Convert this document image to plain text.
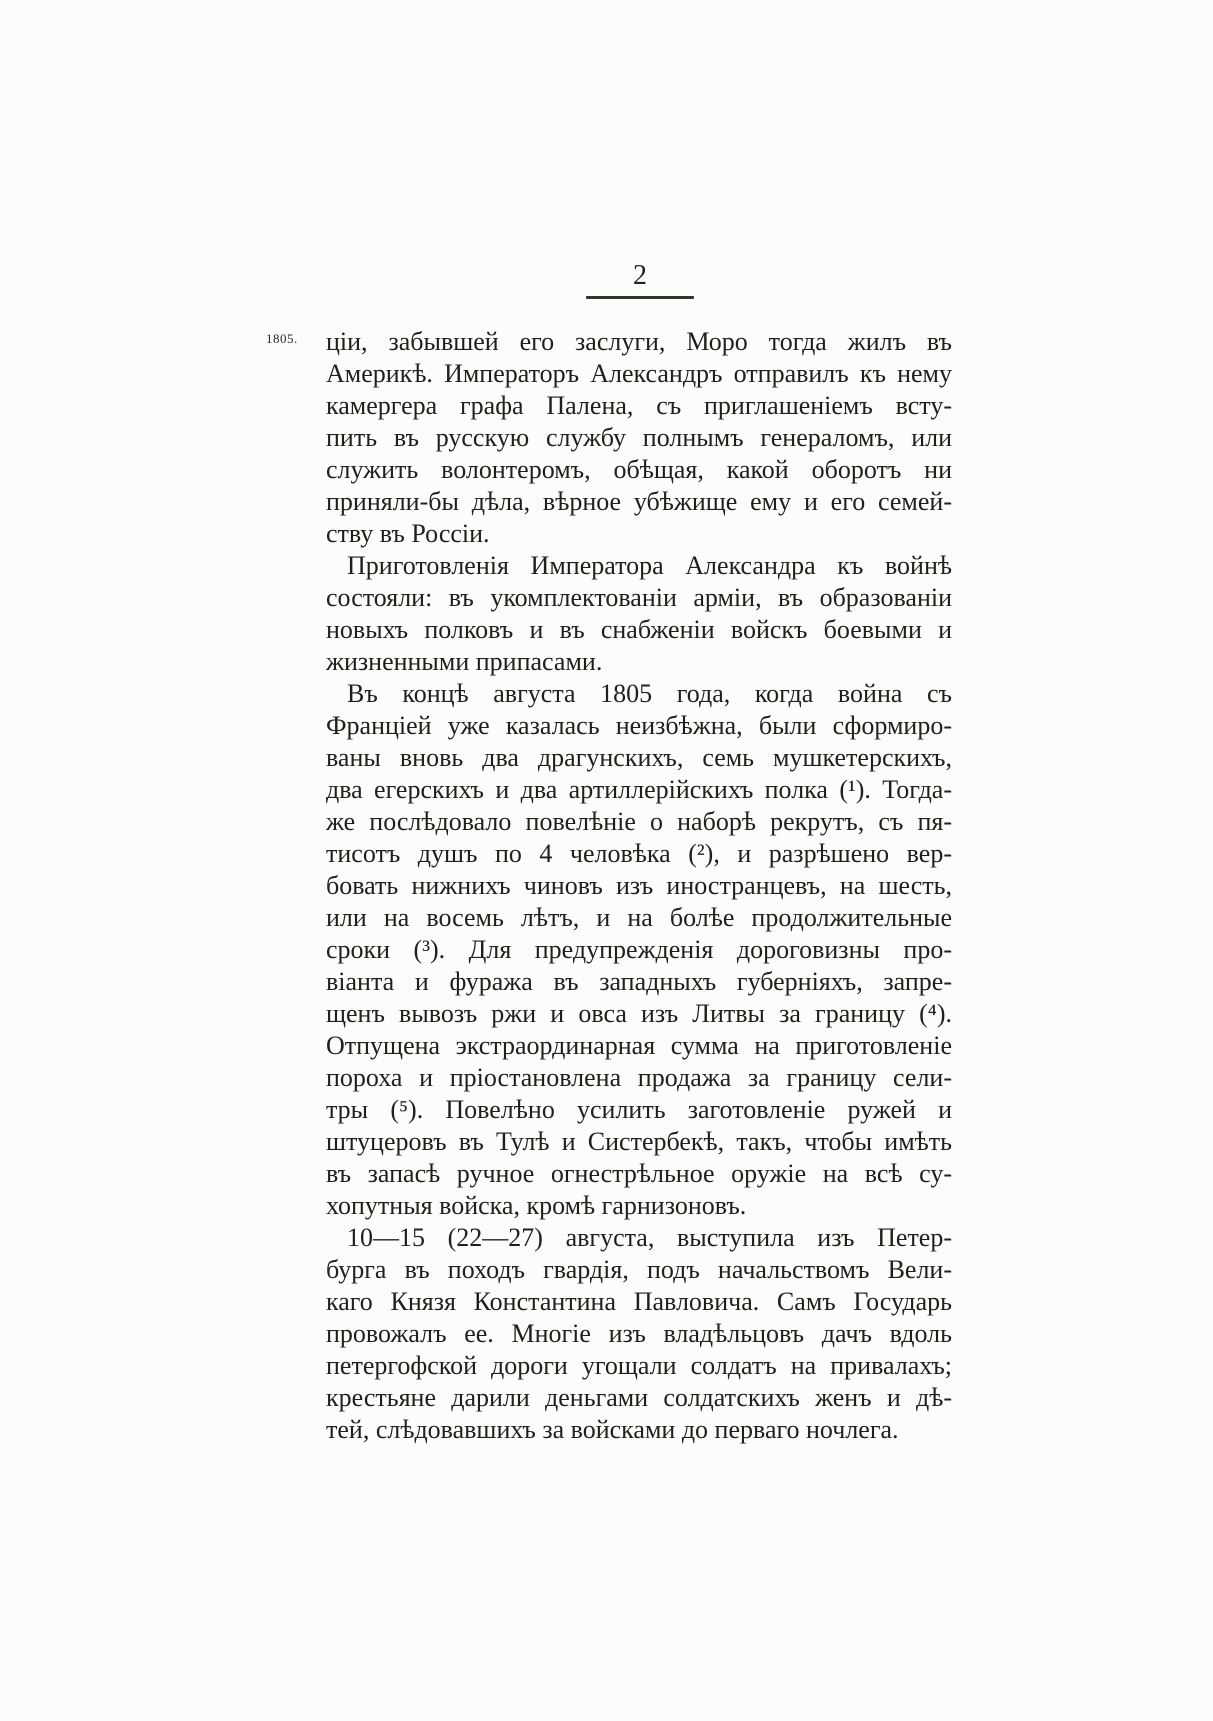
2
1805. ціи, забывшей его заслуги, Моро тогда жилъ въ
Америкѣ. Императоръ Александръ отправилъ къ нему
камергера графа Палена, съ приглашеніемъ всту-
пить въ русскую службу полнымъ генераломъ, или
служить волонтеромъ, обѣщая, какой оборотъ ни
приняли-бы дѣла, вѣрное убѣжище ему и его семей-
ству въ Россіи.
Приготовленія Императора Александра къ войнѣ
состояли: въ укомплектованіи арміи, въ образованіи
новыхъ полковъ и въ снабженіи войскъ боевыми и
жизненными припасами.
Въ концѣ августа 1805 года, когда война съ
Франціей уже казалась неизбѣжна, были сформиро-
ваны вновь два драгунскихъ, семь мушкетерскихъ,
два егерскихъ и два артиллерійскихъ полка (¹). Тогда-
же послѣдовало повелѣніе о наборѣ рекрутъ, съ пя-
тисотъ душъ по 4 человѣка (²), и разрѣшено вер-
бовать нижнихъ чиновъ изъ иностранцевъ, на шесть,
или на восемь лѣтъ, и на болѣе продолжительные
сроки (³). Для предупрежденія дороговизны про-
віанта и фуража въ западныхъ губерніяхъ, запре-
щенъ вывозъ ржи и овса изъ Литвы за границу (⁴).
Отпущена экстраординарная сумма на приготовленіе
пороха и пріостановлена продажа за границу сели-
тры (⁵). Повелѣно усилить заготовленіе ружей и
штуцеровъ въ Тулѣ и Систербекѣ, такъ, чтобы имѣть
въ запасѣ ручное огнестрѣльное оружіе на всѣ су-
хопутныя войска, кромѣ гарнизоновъ.
10—15 (22—27) августа, выступила изъ Петер-
бурга въ походъ гвардія, подъ начальствомъ Вели-
каго Князя Константина Павловича. Самъ Государь
провожалъ ее. Многіе изъ владѣльцовъ дачъ вдоль
петергофской дороги угощали солдатъ на привалахъ;
крестьяне дарили деньгами солдатскихъ женъ и дѣ-
тей, слѣдовавшихъ за войсками до перваго ночлега.
